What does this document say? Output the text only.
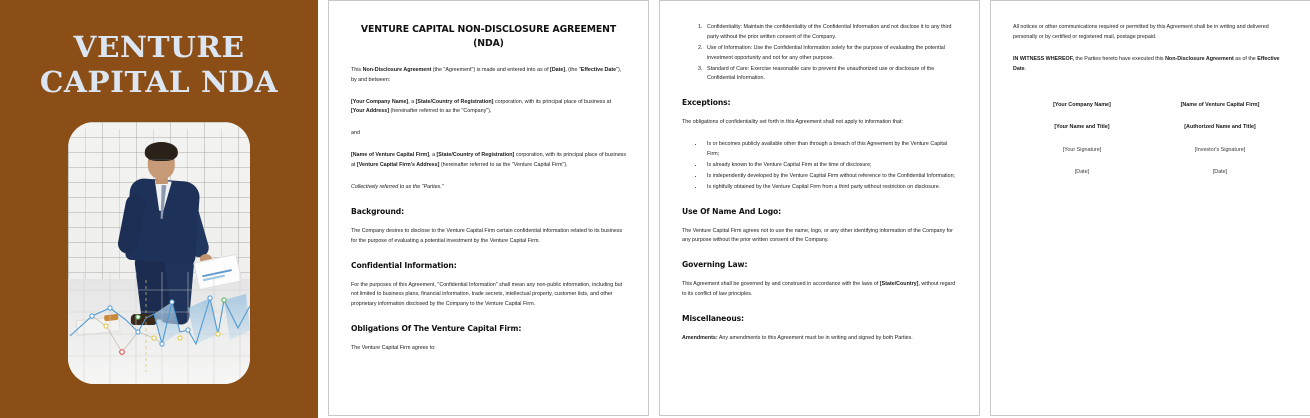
VENTURE CAPITAL NDA
VENTURE CAPITAL NON-DISCLOSURE AGREEMENT
(NDA)

This Non-Disclosure Agreement (the "Agreement") is made and entered into as of [Date], (the "Effective Date"), by and between:

[Your Company Name], a [State/Country of Registration] corporation, with its principal place of business at [Your Address] (hereinafter referred to as the "Company"),

and

[Name of Venture Capital Firm], a [State/Country of Registration] corporation, with its principal place of business at [Venture Capital Firm's Address] (hereinafter referred to as the "Venture Capital Firm").

Collectively referred to as the "Parties."

Background:

The Company desires to disclose to the Venture Capital Firm certain confidential information related to its business for the purpose of evaluating a potential investment by the Venture Capital Firm.

Confidential Information:

For the purposes of this Agreement, "Confidential Information" shall mean any non-public information, including but not limited to business plans, financial information, trade secrets, intellectual property, customer lists, and other proprietary information disclosed by the Company to the Venture Capital Firm.

Obligations Of The Venture Capital Firm:

The Venture Capital Firm agrees to:

1. Confidentiality: Maintain the confidentiality of the Confidential Information and not disclose it to any third party without the prior written consent of the Company.
2. Use of Information: Use the Confidential Information solely for the purpose of evaluating the potential investment opportunity and not for any other purpose.
3. Standard of Care: Exercise reasonable care to prevent the unauthorized use or disclosure of the Confidential Information.
Exceptions:

The obligations of confidentiality set forth in this Agreement shall not apply to information that:

• Is or becomes publicly available other than through a breach of this Agreement by the Venture Capital Firm;
• Is already known to the Venture Capital Firm at the time of disclosure;
• Is independently developed by the Venture Capital Firm without reference to the Confidential Information;
• Is rightfully obtained by the Venture Capital Firm from a third party without restriction on disclosure.
Use Of Name And Logo:

The Venture Capital Firm agrees not to use the name, logo, or any other identifying information of the Company for any purpose without the prior written consent of the Company.

Governing Law:

This Agreement shall be governed by and construed in accordance with the laws of [State/Country], without regard to its conflict of law principles.

Miscellaneous:

Amendments: Any amendments to this Agreement must be in writing and signed by both Parties.

All notices or other communications required or permitted by this Agreement shall be in writing and delivered personally or by certified or registered mail, postage prepaid.

IN WITNESS WHEREOF, the Parties hereto have executed this Non-Disclosure Agreement as of the Effective Date.

[Your Company Name]

[Your Name and Title]

[Your Signature]

[Date]

[Name of Venture Capital Firm]

[Authorized Name and Title]

[Investor's Signature]

[Date]
